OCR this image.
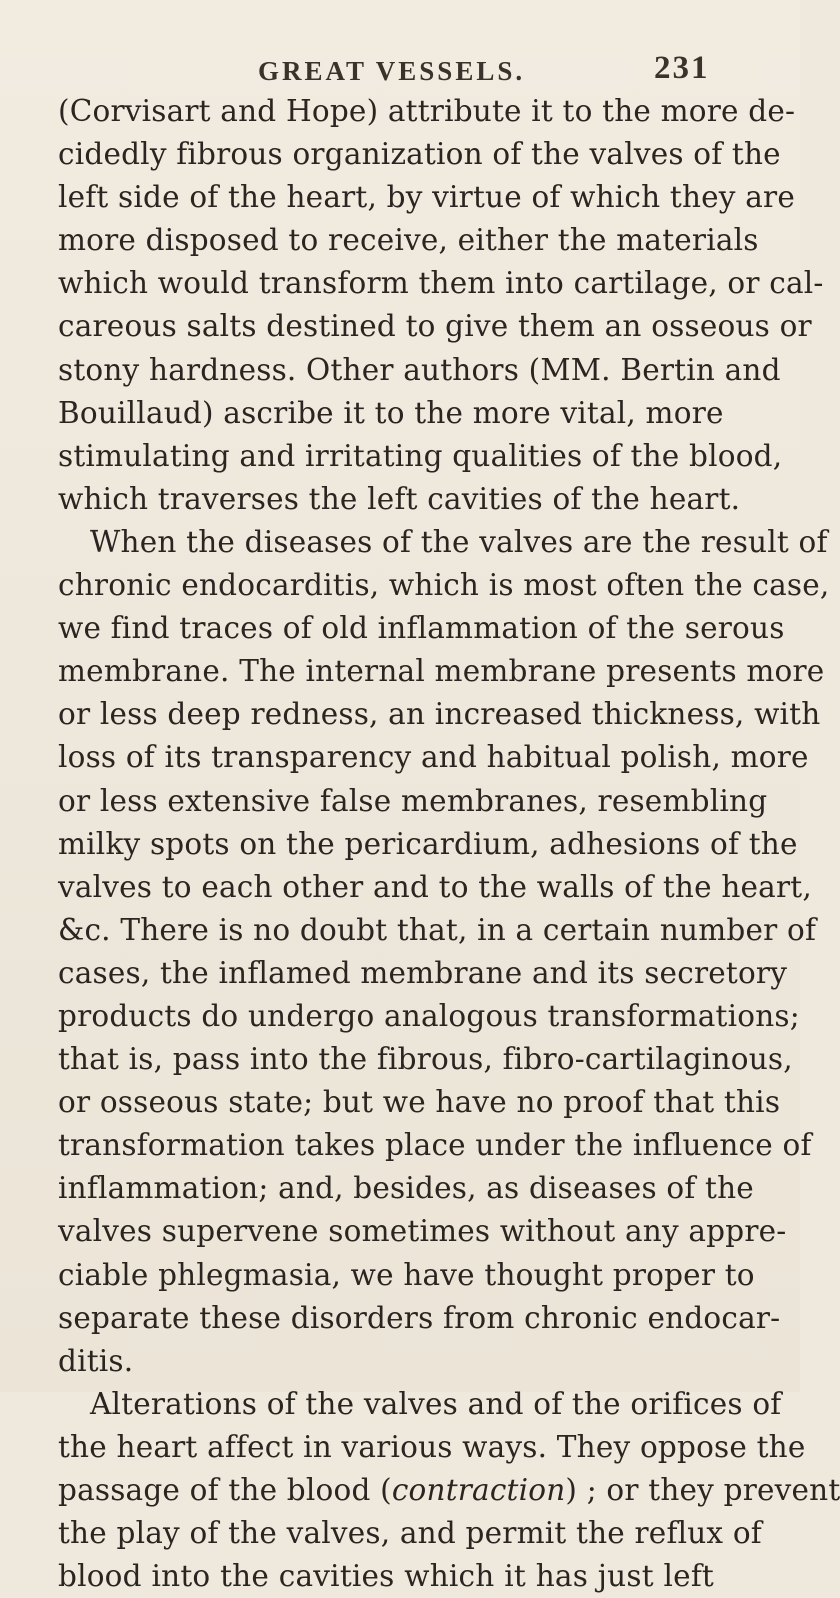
GREAT VESSELS.	231
(Corvisart and Hope) attribute it to the more de-
cidedly fibrous organization of the valves of the
left side of the heart, by virtue of which they are
more disposed to receive, either the materials
which would transform them into cartilage, or cal-
careous salts destined to give them an osseous or
stony hardness. Other authors (MM. Bertin and
Bouillaud) ascribe it to the more vital, more
stimulating and irritating qualities of the blood,
which traverses the left cavities of the heart.
When the diseases of the valves are the result of
chronic endocarditis, which is most often the case,
we find traces of old inflammation of the serous
membrane. The internal membrane presents more
or less deep redness, an increased thickness, with
loss of its transparency and habitual polish, more
or less extensive false membranes, resembling
milky spots on the pericardium, adhesions of the
valves to each other and to the walls of the heart,
&c. There is no doubt that, in a certain number of
cases, the inflamed membrane and its secretory
products do undergo analogous transformations;
that is, pass into the fibrous, fibro-cartilaginous,
or osseous state; but we have no proof that this
transformation takes place under the influence of
inflammation; and, besides, as diseases of the
valves supervene sometimes without any appre-
ciable phlegmasia, we have thought proper to
separate these disorders from chronic endocar-
ditis.
Alterations of the valves and of the orifices of
the heart affect in various ways. They oppose the
passage of the blood (contraction) ; or they prevent
the play of the valves, and permit the reflux of
blood into the cavities which it has just left
